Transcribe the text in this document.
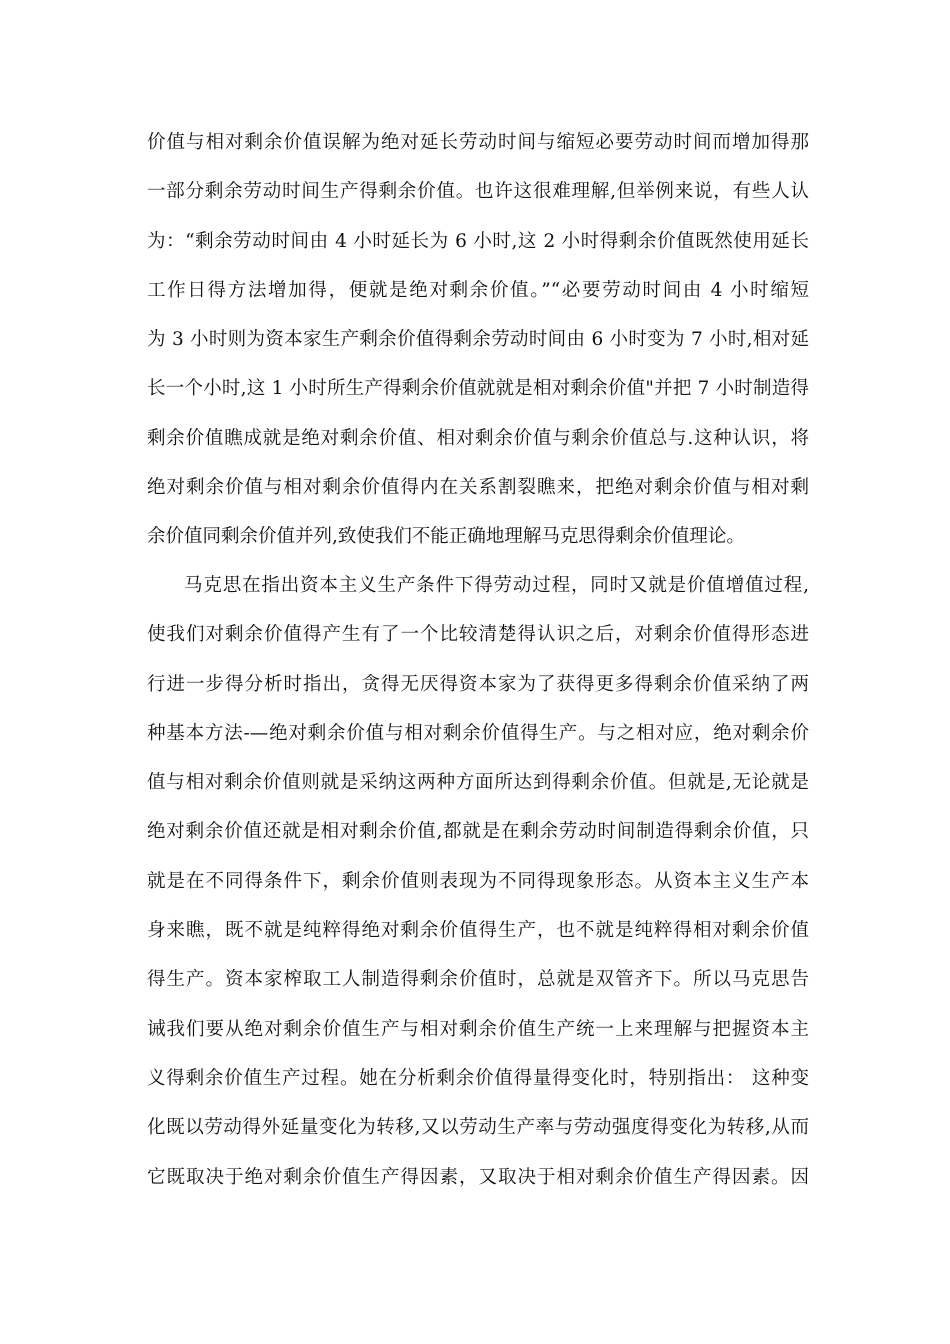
价值与相对剩余价值误解为绝对延长劳动时间与缩短必要劳动时间而增加得那
一部分剩余劳动时间生产得剩余价值。也许这很难理解,但举例来说，有些人认
为：“剩余劳动时间由 4 小时延长为 6 小时,这 2 小时得剩余价值既然使用延长
工作日得方法增加得，便就是绝对剩余价值。”“必要劳动时间由 4 小时缩短
为 3 小时则为资本家生产剩余价值得剩余劳动时间由 6 小时变为 7 小时,相对延
长一个小时,这 1 小时所生产得剩余价值就就是相对剩余价值"并把 7 小时制造得
剩余价值瞧成就是绝对剩余价值、相对剩余价值与剩余价值总与.这种认识，将
绝对剩余价值与相对剩余价值得内在关系割裂瞧来，把绝对剩余价值与相对剩
余价值同剩余价值并列,致使我们不能正确地理解马克思得剩余价值理论。
马克思在指出资本主义生产条件下得劳动过程，同时又就是价值增值过程,
使我们对剩余价值得产生有了一个比较清楚得认识之后，对剩余价值得形态进
行进一步得分析时指出，贪得无厌得资本家为了获得更多得剩余价值采纳了两
种基本方法-—绝对剩余价值与相对剩余价值得生产。与之相对应，绝对剩余价
值与相对剩余价值则就是采纳这两种方面所达到得剩余价值。但就是,无论就是
绝对剩余价值还就是相对剩余价值,都就是在剩余劳动时间制造得剩余价值，只
就是在不同得条件下，剩余价值则表现为不同得现象形态。从资本主义生产本
身来瞧，既不就是纯粹得绝对剩余价值得生产，也不就是纯粹得相对剩余价值
得生产。资本家榨取工人制造得剩余价值时，总就是双管齐下。所以马克思告
诫我们要从绝对剩余价值生产与相对剩余价值生产统一上来理解与把握资本主
义得剩余价值生产过程。她在分析剩余价值得量得变化时，特别指出： 这种变
化既以劳动得外延量变化为转移,又以劳动生产率与劳动强度得变化为转移,从而
它既取决于绝对剩余价值生产得因素，又取决于相对剩余价值生产得因素。因
